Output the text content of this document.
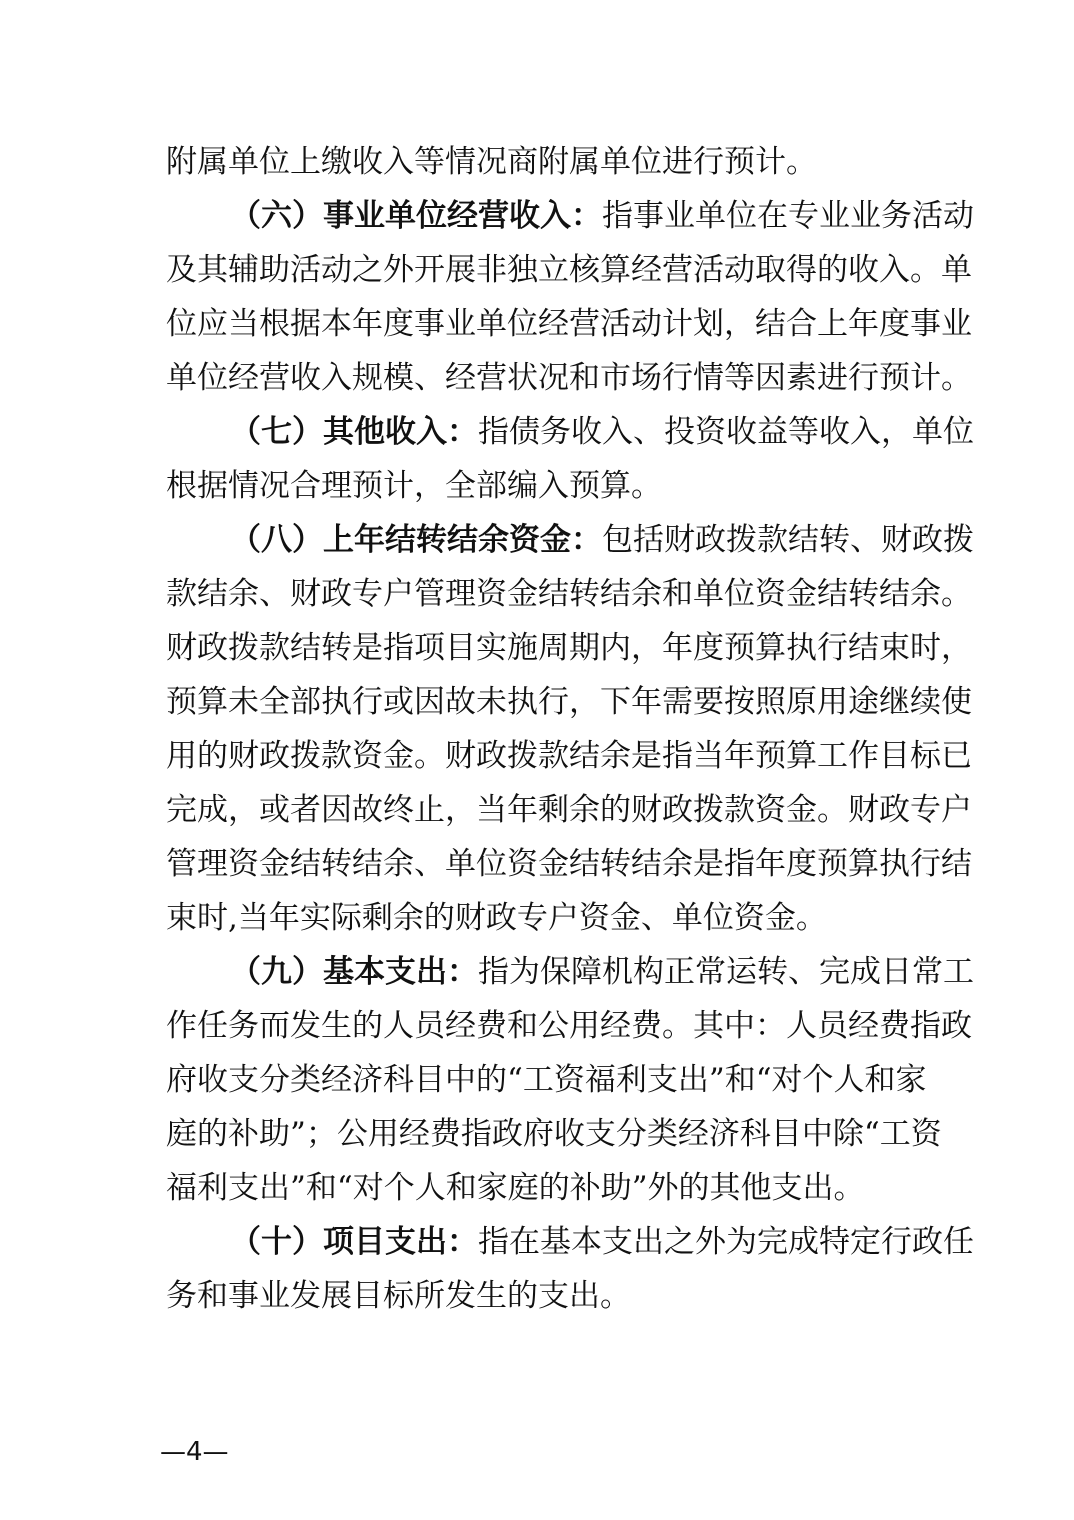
附属单位上缴收入等情况商附属单位进行预计。
（六）事业单位经营收入：指事业单位在专业业务活动
及其辅助活动之外开展非独立核算经营活动取得的收入。单
位应当根据本年度事业单位经营活动计划，结合上年度事业
单位经营收入规模、经营状况和市场行情等因素进行预计。
（七）其他收入：指债务收入、投资收益等收入，单位
根据情况合理预计，全部编入预算。
（八）上年结转结余资金：包括财政拨款结转、财政拨
款结余、财政专户管理资金结转结余和单位资金结转结余。
财政拨款结转是指项目实施周期内，年度预算执行结束时，
预算未全部执行或因故未执行，下年需要按照原用途继续使
用的财政拨款资金。财政拨款结余是指当年预算工作目标已
完成，或者因故终止，当年剩余的财政拨款资金。财政专户
管理资金结转结余、单位资金结转结余是指年度预算执行结
束时,当年实际剩余的财政专户资金、单位资金。
（九）基本支出：指为保障机构正常运转、完成日常工
作任务而发生的人员经费和公用经费。其中：人员经费指政
府收支分类经济科目中的“工资福利支出”和“对个人和家
庭的补助”；公用经费指政府收支分类经济科目中除“工资
福利支出”和“对个人和家庭的补助”外的其他支出。
（十）项目支出：指在基本支出之外为完成特定行政任
务和事业发展目标所发生的支出。
—4—
